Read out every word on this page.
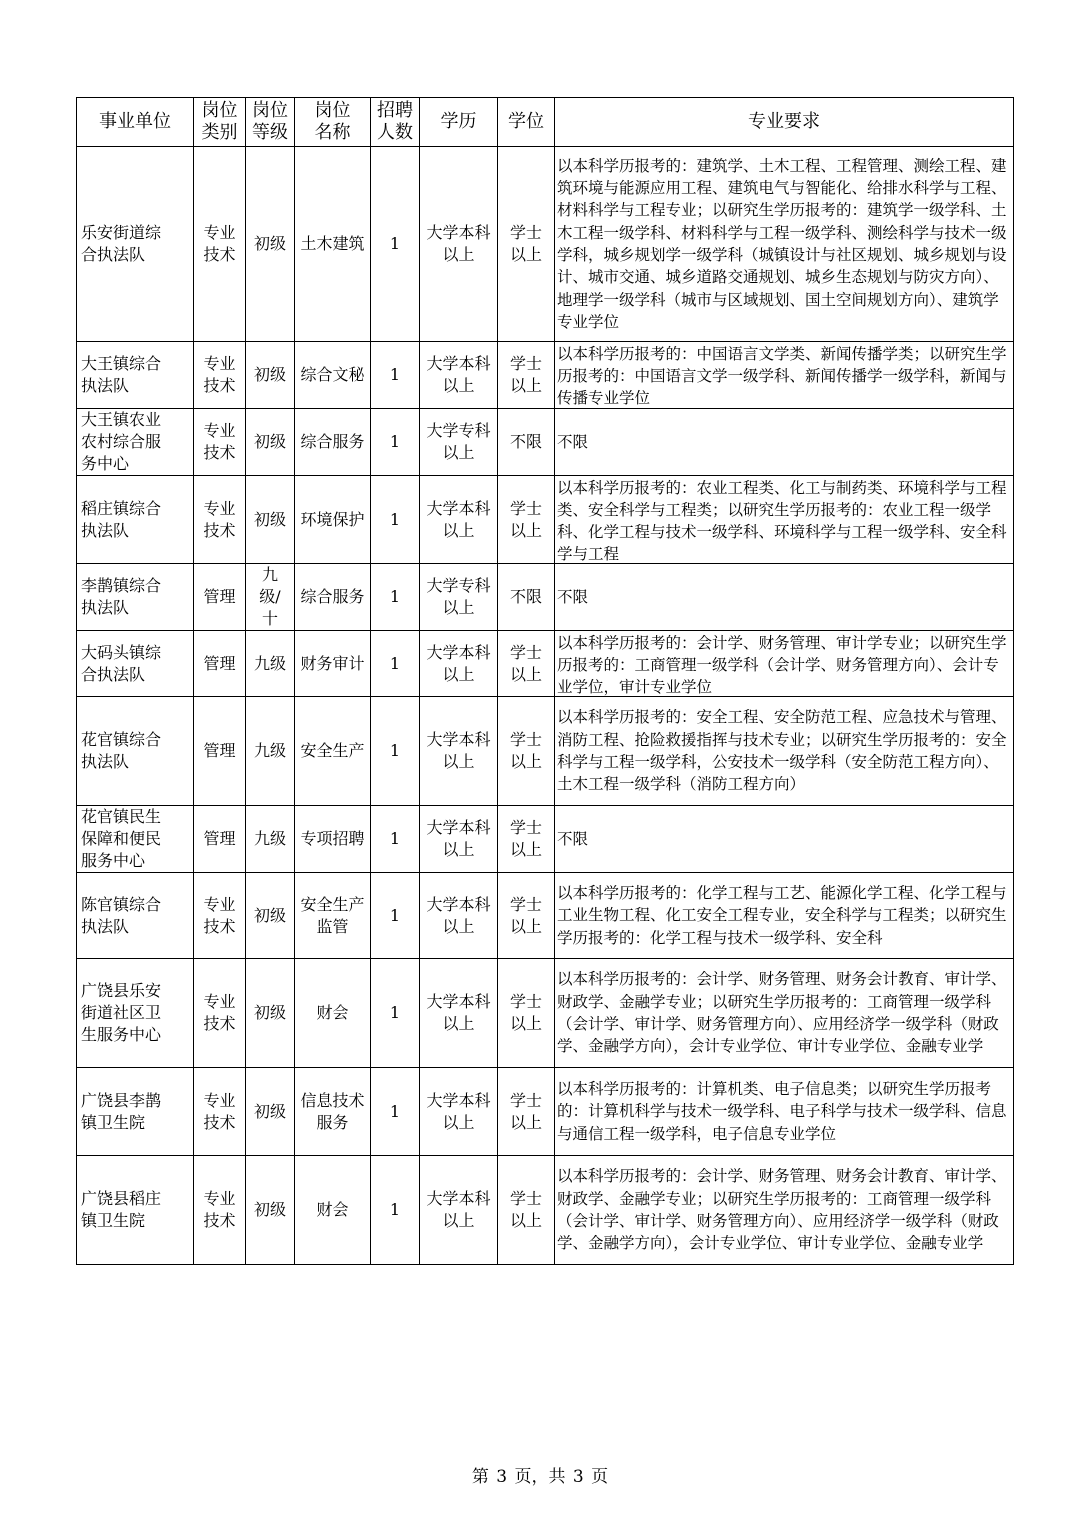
事业单位	岗位类别	岗位等级	岗位名称	招聘人数	学历	学位	专业要求

乐安街道综合执法队	专业技术	初级	土木建筑	1	大学本科以上	学士以上	以本科学历报考的：建筑学、土木工程、工程管理、测绘工程、建筑环境与能源应用工程、建筑电气与智能化、给排水科学与工程、材料科学与工程专业；以研究生学历报考的：建筑学一级学科、土木工程一级学科、材料科学与工程一级学科、测绘科学与技术一级学科，城乡规划学一级学科（城镇设计与社区规划、城乡规划与设计、城市交通、城乡道路交通规划、城乡生态规划与防灾方向）、地理学一级学科（城市与区域规划、国土空间规划方向）、建筑学专业学位

大王镇综合执法队	专业技术	初级	综合文秘	1	大学本科以上	学士以上	以本科学历报考的：中国语言文学类、新闻传播学类；以研究生学历报考的：中国语言文学一级学科、新闻传播学一级学科，新闻与传播专业学位

大王镇农业农村综合服务中心	专业技术	初级	综合服务	1	大学专科以上	不限	不限

稻庄镇综合执法队	专业技术	初级	环境保护	1	大学本科以上	学士以上	以本科学历报考的：农业工程类、化工与制药类、环境科学与工程类、安全科学与工程类；以研究生学历报考的：农业工程一级学科、化学工程与技术一级学科、环境科学与工程一级学科、安全科学与工程

李鹊镇综合执法队	管理	九级/十	综合服务	1	大学专科以上	不限	不限

大码头镇综合执法队	管理	九级	财务审计	1	大学本科以上	学士以上	以本科学历报考的：会计学、财务管理、审计学专业；以研究生学历报考的：工商管理一级学科（会计学、财务管理方向）、会计专业学位，审计专业学位

花官镇综合执法队	管理	九级	安全生产	1	大学本科以上	学士以上	以本科学历报考的：安全工程、安全防范工程、应急技术与管理、消防工程、抢险救援指挥与技术专业；以研究生学历报考的：安全科学与工程一级学科，公安技术一级学科（安全防范工程方向）、土木工程一级学科（消防工程方向）

花官镇民生保障和便民服务中心	管理	九级	专项招聘	1	大学本科以上	学士以上	不限

陈官镇综合执法队	专业技术	初级	安全生产监管	1	大学本科以上	学士以上	以本科学历报考的：化学工程与工艺、能源化学工程、化学工程与工业生物工程、化工安全工程专业，安全科学与工程类；以研究生学历报考的：化学工程与技术一级学科、安全科

广饶县乐安街道社区卫生服务中心	专业技术	初级	财会	1	大学本科以上	学士以上	以本科学历报考的：会计学、财务管理、财务会计教育、审计学、财政学、金融学专业；以研究生学历报考的：工商管理一级学科（会计学、审计学、财务管理方向）、应用经济学一级学科（财政学、金融学方向），会计专业学位、审计专业学位、金融专业学

广饶县李鹊镇卫生院	专业技术	初级	信息技术服务	1	大学本科以上	学士以上	以本科学历报考的：计算机类、电子信息类；以研究生学历报考的：计算机科学与技术一级学科、电子科学与技术一级学科、信息与通信工程一级学科，电子信息专业学位

广饶县稻庄镇卫生院	专业技术	初级	财会	1	大学本科以上	学士以上	以本科学历报考的：会计学、财务管理、财务会计教育、审计学、财政学、金融学专业；以研究生学历报考的：工商管理一级学科（会计学、审计学、财务管理方向）、应用经济学一级学科（财政学、金融学方向），会计专业学位、审计专业学位、金融专业学
第 3 页，共 3 页
